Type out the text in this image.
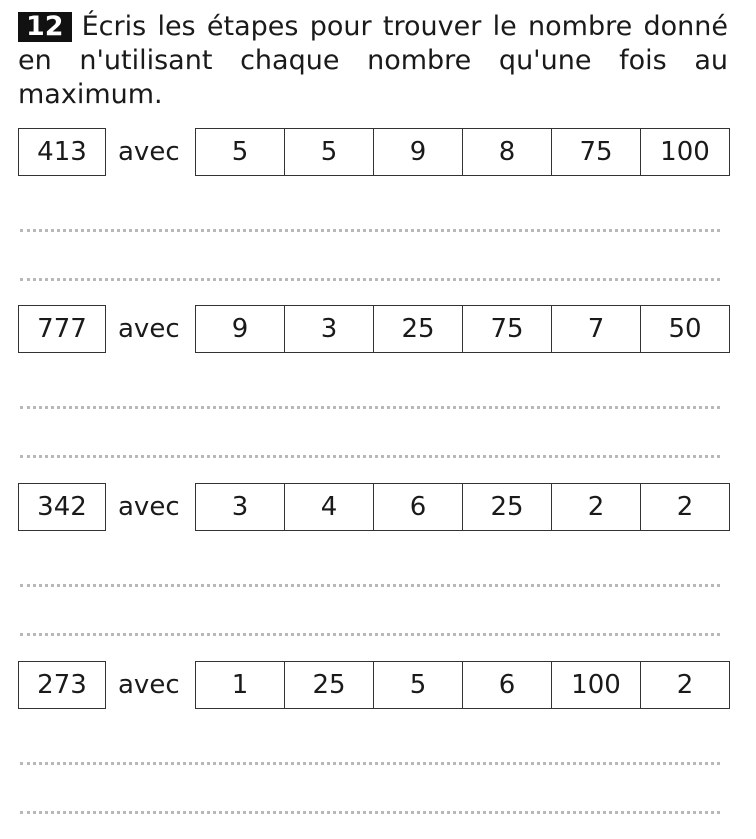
12 Écris les étapes pour trouver le nombre donné en n'utilisant chaque nombre qu'une fois au maximum.

413	avec	5	5	9	8	75	100
777	avec	9	3	25	75	7	50
342	avec	3	4	6	25	2	2
273	avec	1	25	5	6	100	2
